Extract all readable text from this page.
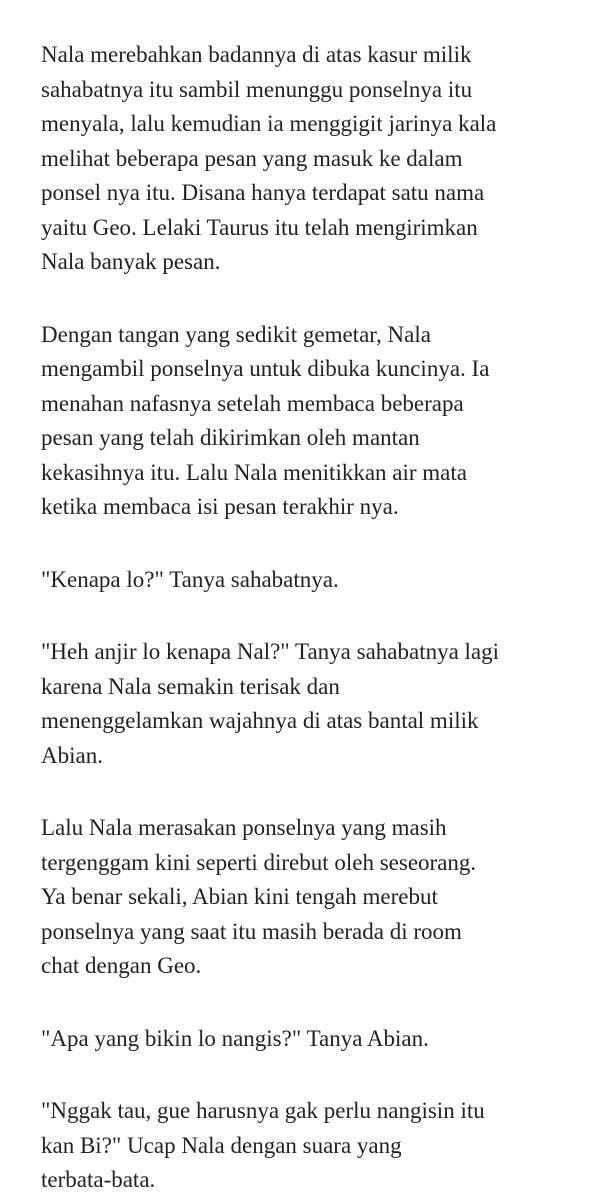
Nala merebahkan badannya di atas kasur milik
sahabatnya itu sambil menunggu ponselnya itu
menyala, lalu kemudian ia menggigit jarinya kala
melihat beberapa pesan yang masuk ke dalam
ponsel nya itu. Disana hanya terdapat satu nama
yaitu Geo. Lelaki Taurus itu telah mengirimkan
Nala banyak pesan.

Dengan tangan yang sedikit gemetar, Nala
mengambil ponselnya untuk dibuka kuncinya. Ia
menahan nafasnya setelah membaca beberapa
pesan yang telah dikirimkan oleh mantan
kekasihnya itu. Lalu Nala menitikkan air mata
ketika membaca isi pesan terakhir nya.

"Kenapa lo?" Tanya sahabatnya.

"Heh anjir lo kenapa Nal?" Tanya sahabatnya lagi
karena Nala semakin terisak dan
menenggelamkan wajahnya di atas bantal milik
Abian.

Lalu Nala merasakan ponselnya yang masih
tergenggam kini seperti direbut oleh seseorang.
Ya benar sekali, Abian kini tengah merebut
ponselnya yang saat itu masih berada di room
chat dengan Geo.

"Apa yang bikin lo nangis?" Tanya Abian.

"Nggak tau, gue harusnya gak perlu nangisin itu
kan Bi?" Ucap Nala dengan suara yang
terbata-bata.
